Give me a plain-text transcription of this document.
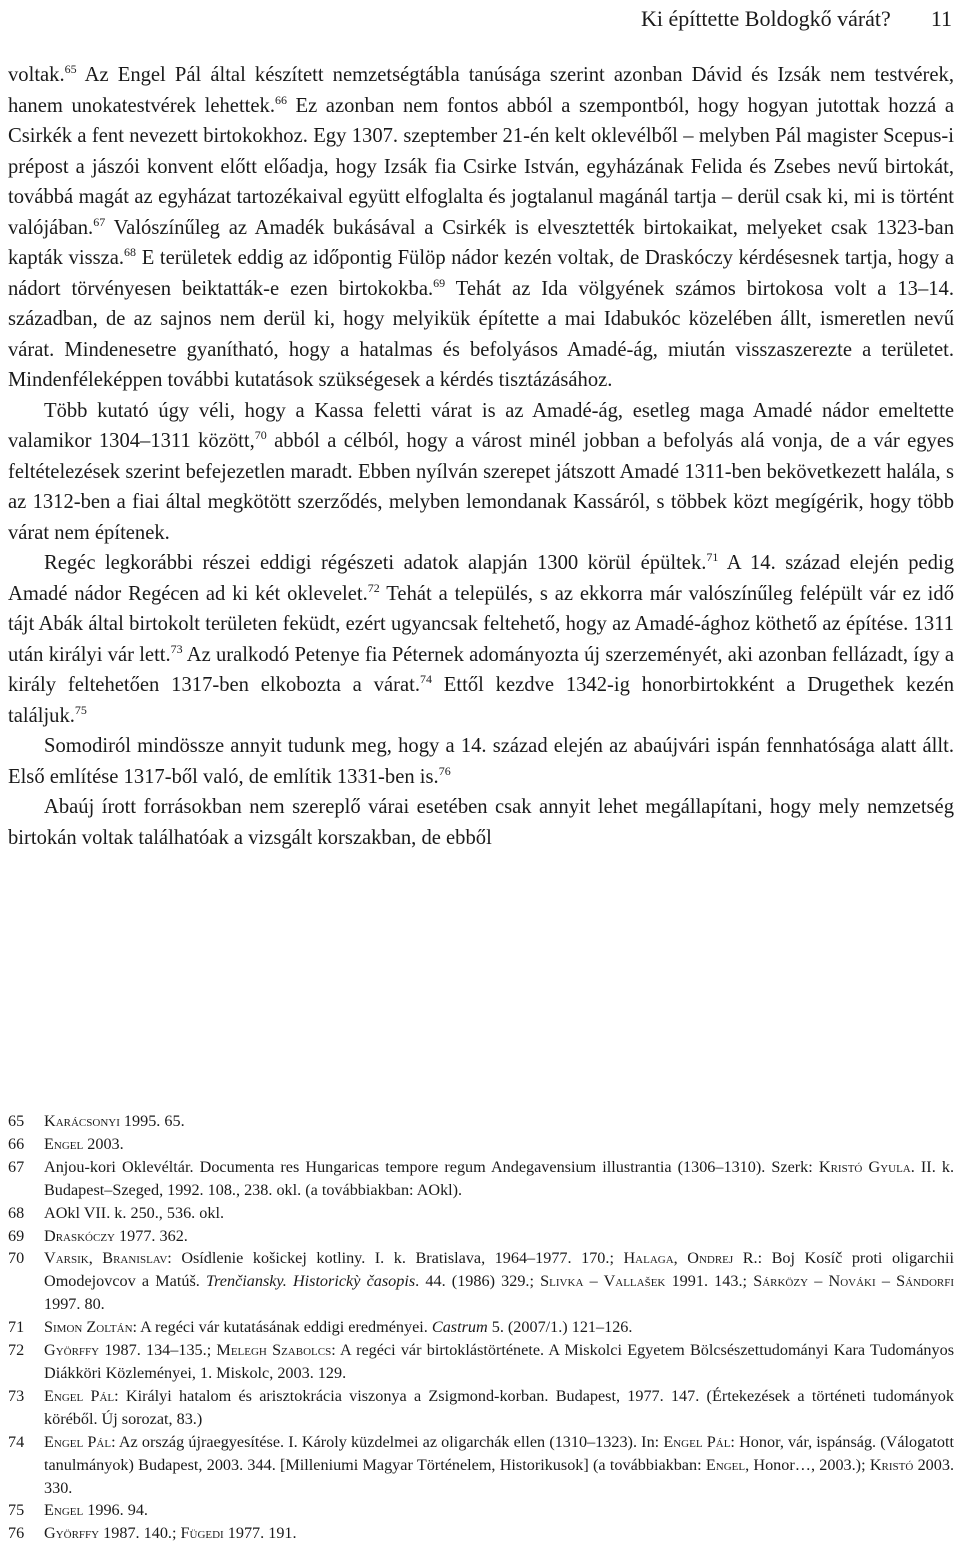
Ki építtette Boldogkő várát? 11

voltak.$^{65}$ Az Engel Pál által készített nemzetségtábla tanúsága szerint azonban Dávid és Izsák nem testvérek, hanem unokatestvérek lehettek.$^{66}$ Ez azonban nem fontos abból a szempontból, hogy hogyan jutottak hozzá a Csirkék a fent nevezett birtokokhoz. Egy 1307. szeptember 21-én kelt oklevélből – melyben Pál magister Scepus-i prépost a jászói konvent előtt előadja, hogy Izsák fia Csirke István, egyházának Felida és Zsebes nevű birtokát, továbbá magát az egyházat tartozékaival együtt elfoglalta és jogtalanul magánál tartja – derül csak ki, mi is történt valójában.$^{67}$ Valószínűleg az Amadék bukásával a Csirkék is elvesztették birtokaikat, melyeket csak 1323-ban kapták vissza.$^{68}$ E területek eddig az időpontig Fülöp nádor kezén voltak, de Draskóczy kérdésesnek tartja, hogy a nádort törvényesen beiktatták-e ezen birtokokba.$^{69}$ Tehát az Ida völgyének számos birtokosa volt a 13–14. században, de az sajnos nem derül ki, hogy melyikük építette a mai Idabukóc közelében állt, ismeretlen nevű várat. Mindenesetre gyanítható, hogy a hatalmas és befolyásos Amadé-ág, miután visszaszerezte a területet. Mindenféleképpen további kutatások szükségesek a kérdés tisztázásához.

Több kutató úgy véli, hogy a Kassa feletti várat is az Amadé-ág, esetleg maga Amadé nádor emeltette valamikor 1304–1311 között,$^{70}$ abból a célból, hogy a várost minél jobban a befolyás alá vonja, de a vár egyes feltételezések szerint befejezetlen maradt. Ebben nyílván szerepet játszott Amadé 1311-ben bekövetkezett halála, s az 1312-ben a fiai által megkötött szerződés, melyben lemondanak Kassáról, s többek közt megígérik, hogy több várat nem építenek.

Regéc legkorábbi részei eddigi régészeti adatok alapján 1300 körül épültek.$^{71}$ A 14. század elején pedig Amadé nádor Regécen ad ki két oklevelet.$^{72}$ Tehát a település, s az ekkorra már valószínűleg felépült vár ez idő tájt Abák által birtokolt területen feküdt, ezért ugyancsak feltehető, hogy az Amadé-ághoz köthető az építése. 1311 után királyi vár lett.$^{73}$ Az uralkodó Petenye fia Péternek adományozta új szerzeményét, aki azonban fellázadt, így a király feltehetően 1317-ben elkobozta a várat.$^{74}$ Ettől kezdve 1342-ig honorbirtokként a Drugethek kezén találjuk.$^{75}$

Somodiról mindössze annyit tudunk meg, hogy a 14. század elején az abaújvári ispán fennhatósága alatt állt. Első említése 1317-ből való, de említik 1331-ben is.$^{76}$

Abaúj írott forrásokban nem szereplő várai esetében csak annyit lehet megállapítani, hogy mely nemzetség birtokán voltak találhatóak a vizsgált korszakban, de ebből

65	Karácsonyi 1995. 65.
66	Engel 2003.
67	Anjou-kori Oklevéltár. Documenta res Hungaricas tempore regum Andegavensium illustrantia (1306–1310). Szerk: Kristó Gyula. II. k. Budapest–Szeged, 1992. 108., 238. okl. (a továbbiakban: AOkl).
68	AOkl VII. k. 250., 536. okl.
69	Draskóczy 1977. 362.
70	Varsik, Branislav: Osídlenie košickej kotliny. I. k. Bratislava, 1964–1977. 170.; Halaga, Ondrej R.: Boj Kosíč proti oligarchii Omodejovcov a Matúš. Trenčiansky. Historickỳ časopis. 44. (1986) 329.; Slivka – Vallašek 1991. 143.; Sárközy – Nováki – Sándorfi 1997. 80.
71	Simon Zoltán: A regéci vár kutatásának eddigi eredményei. Castrum 5. (2007/1.) 121–126.
72	Györffy 1987. 134–135.; Melegh Szabolcs: A regéci vár birtoklástörténete. A Miskolci Egyetem Bölcsészettudományi Kara Tudományos Diákköri Közleményei, 1. Miskolc, 2003. 129.
73	Engel Pál: Királyi hatalom és arisztokrácia viszonya a Zsigmond-korban. Budapest, 1977. 147. (Értekezések a történeti tudományok köréből. Új sorozat, 83.)
74	Engel Pál: Az ország újraegyesítése. I. Károly küzdelmei az oligarchák ellen (1310–1323). In: Engel Pál: Honor, vár, ispánság. (Válogatott tanulmányok) Budapest, 2003. 344. [Milleniumi Magyar Történelem, Historikusok] (a továbbiakban: Engel, Honor…, 2003.); Kristó 2003. 330.
75	Engel 1996. 94.
76	Györffy 1987. 140.; Fügedi 1977. 191.
